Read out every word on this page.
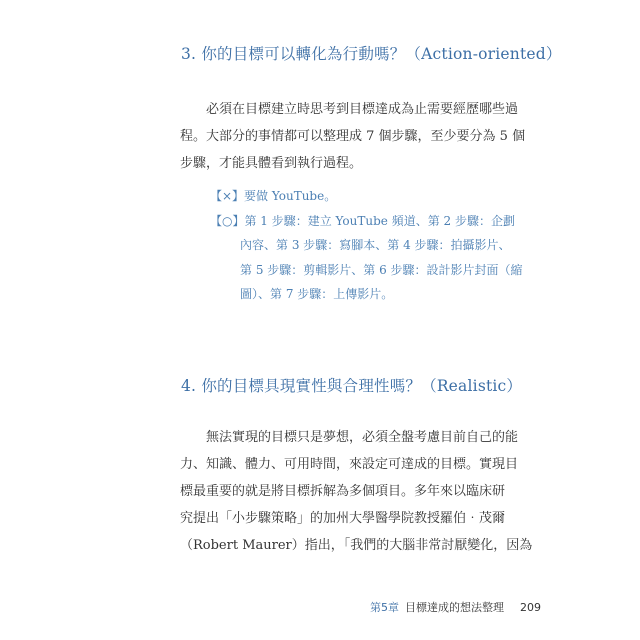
3. 你的目標可以轉化為行動嗎？（Action-oriented）
必須在目標建立時思考到目標達成為止需要經歷哪些過
程。大部分的事情都可以整理成 7 個步驟，至少要分為 5 個
步驟，才能具體看到執行過程。
【×】要做 YouTube。
【○】第 1 步驟：建立 YouTube 頻道、第 2 步驟：企劃
內容、第 3 步驟：寫腳本、第 4 步驟：拍攝影片、
第 5 步驟：剪輯影片、第 6 步驟：設計影片封面（縮
圖）、第 7 步驟：上傳影片。
4. 你的目標具現實性與合理性嗎？（Realistic）
無法實現的目標只是夢想，必須全盤考慮目前自己的能
力、知識、體力、可用時間，來設定可達成的目標。實現目
標最重要的就是將目標拆解為多個項目。多年來以臨床研
究提出「小步驟策略」的加州大學醫學院教授羅伯‧茂爾
（Robert Maurer）指出，「我們的大腦非常討厭變化，因為
第5章 目標達成的想法整理 209
